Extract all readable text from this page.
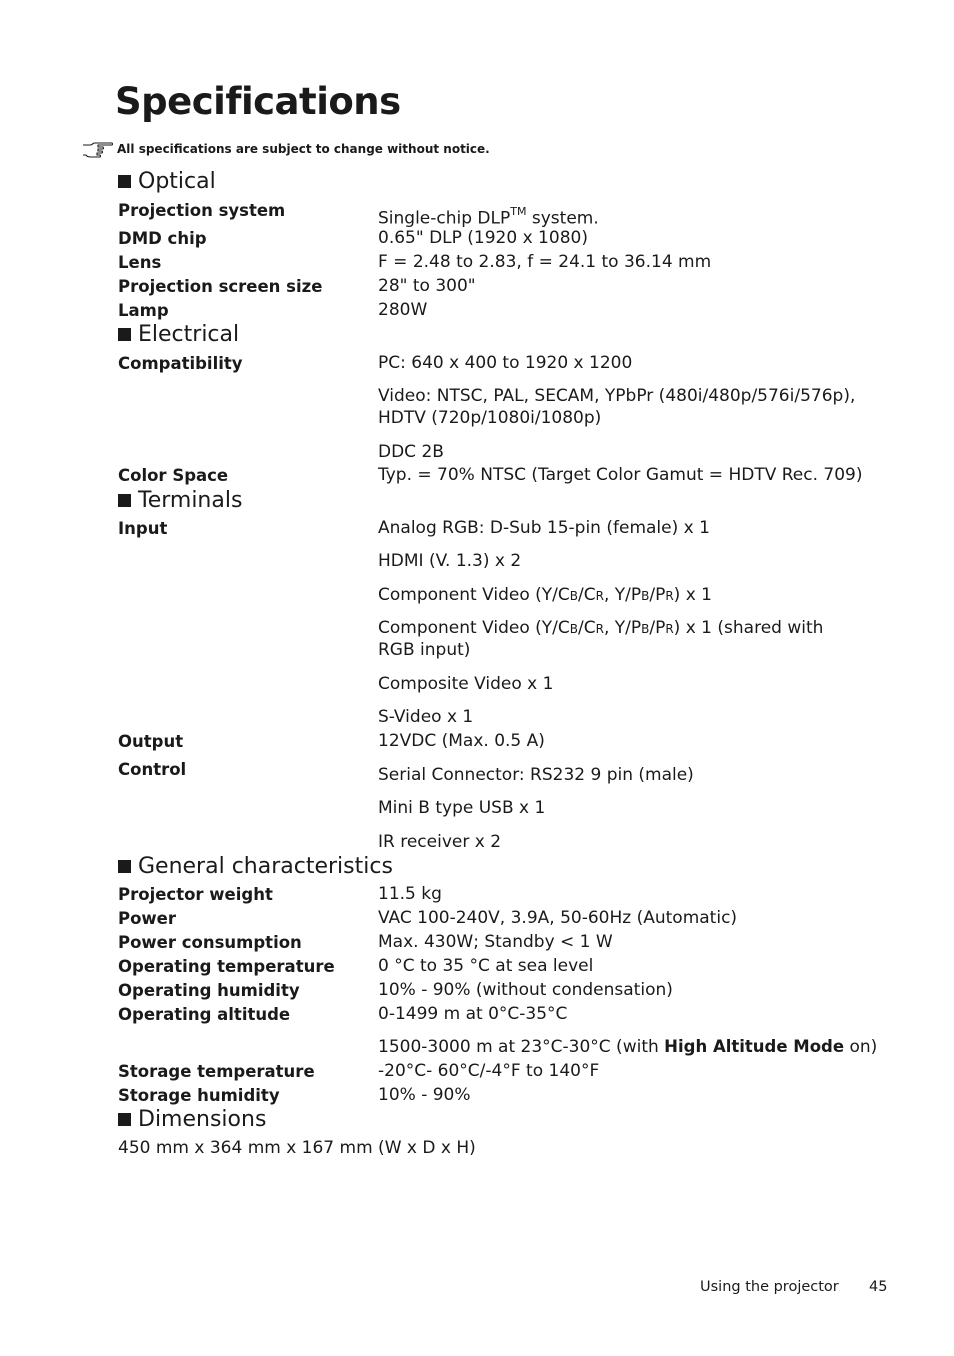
Specifications
All specifications are subject to change without notice.
Optical
Projection system	Single-chip DLP™ system.
DMD chip	0.65" DLP (1920 x 1080)
Lens	F = 2.48 to 2.83, f = 24.1 to 36.14 mm
Projection screen size	28" to 300"
Lamp	280W
Electrical
Compatibility	PC: 640 x 400 to 1920 x 1200
Video: NTSC, PAL, SECAM, YPbPr (480i/480p/576i/576p),
HDTV (720p/1080i/1080p)
DDC 2B
Color Space	Typ. = 70% NTSC (Target Color Gamut = HDTV Rec. 709)
Terminals
Input	Analog RGB: D-Sub 15-pin (female) x 1
HDMI (V. 1.3) x 2
Component Video (Y/CB/CR, Y/PB/PR) x 1
Component Video (Y/CB/CR, Y/PB/PR) x 1 (shared with
RGB input)
Composite Video x 1
S-Video x 1
Output	12VDC (Max. 0.5 A)
Control	Serial Connector: RS232 9 pin (male)
Mini B type USB x 1
IR receiver x 2
General characteristics
Projector weight	11.5 kg
Power	VAC 100-240V, 3.9A, 50-60Hz (Automatic)
Power consumption	Max. 430W; Standby < 1 W
Operating temperature	0 °C to 35 °C at sea level
Operating humidity	10% - 90% (without condensation)
Operating altitude	0-1499 m at 0°C-35°C
1500-3000 m at 23°C-30°C (with High Altitude Mode on)
Storage temperature	-20°C- 60°C/-4°F to 140°F
Storage humidity	10% - 90%
Dimensions
450 mm x 364 mm x 167 mm (W x D x H)
Using the projector 45
